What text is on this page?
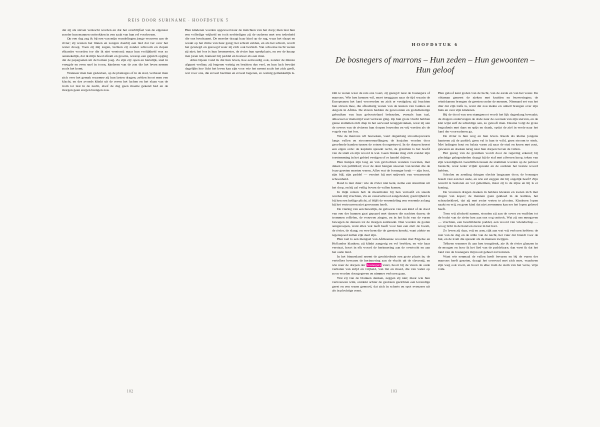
REIS DOOR SURINAME · HOOFDSTUK 5

dat zij als slaven verkocht worden en dat het overblijfsel van de eigenaar zonder hun mannen onttrokken in een zaak van hun erf voorkwam.

Op een dag zag ik bij een van mijn wandelingen jonge vrouwen aan de rivier; zij wasten het linnen en zongen daarbij een lied dat ver over het water droeg. Toen zij mij zagen, lachten zij zonder schroom en riepen elkander woorden toe die ik niet verstond; maar hun vrolijkheid was zo aanstekelijk, dat ik mijn hoed afnam en groette, waarop een gejuich opging dat de papegaaien uit de bomen joeg. Zo zijn zij: open en hartelijk, snel in vreugde en even snel in toorn, kinderen van de zon die het leven nemen zoals het komt.

Wanneer men hen gadeslaat, op de plantages of in de stad, verbaast men zich over het gemak waarmee zij hun lasten dragen; zelden hoort men een klacht, en des avonds klinkt uit de erven het lachen en het slaan van de trom tot laat in de nacht, alsof de dag geen moeite gekend had en de morgen geen zorgen brengen zou.

Hun kinderen worden opgevoed naar de inzichten van het dorp; men laat hun een volledige vrijheid en toch eerbiedigen zij de ouderen met een tederheid die ons beschaamt. De moeder draagt haar kind op de rug, waar het slaapt en waakt op het ritme van haar gang; het schreit zelden, en als het schreit, wordt het gewiegd en gezoogd waar zij zich ook bevindt. Van schoolse tucht weten zij niet; het bos is hun leermeester, de rivier hun speelplaats, en eer de knaap tien jaren telt, hanteert hij paddel en houwer als een man.

Alles bijeen vond ik dat hun leven, hoe eenvoudig ook, zonder de minste afgunst verliep; zij begeren weinig en bezitten dus veel, en hun lach bewijst dagelijks hoe licht het leven kan zijn voor wie het neemt zoals het zich geeft, wat voor ons, die zoveel bezitten en zoveel begeren, zo weinig gemakkelijk is.

102
HOOFDSTUK 6
De bosnegers of marrons – Hun zeden – Hun gewoonten –
Hun geloof

Om te weten waar de reis ons voert, zij gezegd: naar de bosnegers of marrons. Wie hen kennen wil, moet teruggaan naar de tijd waarin de Europeanen het land veroverden en zich er vestigden; zij brachten hun slaven mee, die afkomstig waren van de kusten van Guinea en Angola in Afrika. De slaven hadden de gewoonten en godsdienstige gebruiken van hun geboorteland behouden, evenals hun taal, alhoewel er mettertijd veel verloren ging. Op hun grote vlucht hebben ganse stammen zich diep in het oerwoud teruggetrokken, waar zij aan de oevers van de rivieren hun dorpen bouwden en vrij werden als de vogels van het bos.

Wie de marrons wil bezoeken, vaart dagenlang stroomopwaarts langs vallen en stroomversnellingen; de korjalen worden door geoefende handen tussen de rotsen doorgestuwd. In de dorpen heerst een eigen orde: de kapitein spreekt recht, de granman is het hoofd van de stam en zijn woord is wet. Geen blanke mag zich zonder zijn toestemming in het gebied vestigen of er handel drijven.

Hun huisjes zijn laag en van gevlochten wanden voorzien, met daken van palmblad; voor de deur hangen snoeren van kralen die de boze geesten moeten weren. Alles wat de bosneger bezit — zijn boot, zijn bijl, zijn paddel — versiert hij met snijwerk van verrassende schoonheid.

Raad is niet duur: wie de rivier niet kent, neme een stuurman uit het dorp, en hij zal veilig boven de vallen komen.

In mijn reizen heb ik meermalen bij hen vertoefd en steeds werden mij vruchten, vis en cassavebrood aangeboden; gastvrijheid is bij hen een heilige plicht, al blijft de vreemdeling een vreemde zolang hij het vertrouwen niet gewonnen heeft.

De viering van een huwelijk, de geboorte van een kind of de dood van een der hunnen gaat gepaard met dansen die nachten duren; de trommen roffelen, de vrouwen zingen, en in het licht van de vuren bewegen de dansers tot de morgen aanbreekt. Dan worden de goden aangeroepen, want alles wat leeft heeft voor hen een ziel: de boom, de rivier, de slang; en wee hem die de geesten krenkt, want ziekte en tegenspoed zullen zijn deel zijn.

Hun taal is een mengsel van Afrikaanse woorden met Engelse en Hollandse klanken; zij klinkt zangerig en vol beelden, en wie haar verstaat, hoort in elk woord de herinnering aan de overtocht en aan het oude land.

In het binnenland neemt de geschiedenis een grote plaats in; de vertellers bewaren de herinnering aan de vlucht uit de slavernij, en wie naar de dorpen der bosnegers vaart, hoort bij de vuren de oude verhalen van strijd en vrijheid, van list en moed, die van vader op zoon worden doorgegeven en nimmer verloren gaan.

Wat zij van de blanken denken, zeggen zij niet; maar wie hun vertrouwen wint, ontdekt achter de gesloten gezichten een levendige geest en een warm gemoed, dat zich in scherts en spot evenzeer uit als in plechtige ernst.

Hun geloof kent goden van de lucht, van de aarde en van het water. De obiaman geneest de zieken met kruiden en bezweringen; de wintidansen brengen de geesten onder de mensen. Niemand eet van het dier dat zijn trefu is, want dat zou ziekte en onheil brengen over zijn huis en over zijn kinderen.

Bij de dood van een stamgenoot wordt het lijk dagenlang bewaakt; de dragers ondervragen de dode naar de oorzaak van zijn sterven, en de kist wijst zelf de schuldige aan, zo gelooft men. Daarna volgt de grote begrafenis met dans en spijs en drank, opdat de ziel in vrede naar het land der voorvaderen ga.

De rivier is hun weg en hun leven. Reeds als kleine jongens hanteren zij de paddel; geen val is hun te wild, geen stroom te sterk. Met ladingen hout en balata varen zij naar de stad en keren met zout, geweren en doeken terug naar hun dorpen boven de vallen.

Het gezag van de granman wordt door de regering erkend; bij plechtige gelegenheden draagt hij de staf met zilveren knop, teken van zijn waardigheid. Geschillen tussen de stammen worden op de palaver beslecht, waar ieder vrijuit spreekt en de oudsten het laatste woord hebben.

Scholen en zending dringen slechts langzaam door; de bosneger houdt vast aan het oude, en wie zal zeggen dat hij ongelijk heeft? Zijn wereld is besloten en vol geheimen, maar zij is de zijne en hij is er koning.

De vrouwen dragen doeken in heldere kleuren en tooien zich met ringen van koper; de mannen gaan gekleed in de kamisa, het schouderkleed, dat zij met zwier weten te plooien. Kinderen lopen naakt en vrij, en geen kind dat niet zwemmen kan eer het lopen geleerd heeft.

Toen wij afscheid namen, stonden zij aan de oever en wuifden tot de bocht van de rivier hen aan ons oog onttrok. Wat zij ons meegaven — vruchten, een beschilderde paddel, een woord van vriendschap — woog licht in de hand en zwaar in het hart.

Zo leven zij daar, vrij en arm, rijk aan wat wij verloren hebben: de rust van de dag en de stilte van de nacht, het vuur dat brandt voor de hut, en de trom die spreekt als de mensen zwijgen.

Telkens wanneer ik aan hen terugdenk, zie ik de rivier glanzen in de morgen en hoor ik het lied van de paddelaars; dan weet ik dat het land van de bosnegers mij nooit geheel zal loslaten.

Want wie eenmaal de vallen heeft bevaren en bij de vuren der marrons heeft gezeten, draagt het oerwoud met zich mee, waarheen zijn weg ook voert, en hoort in elke trom de stem van het verre, vrije volk.

103
